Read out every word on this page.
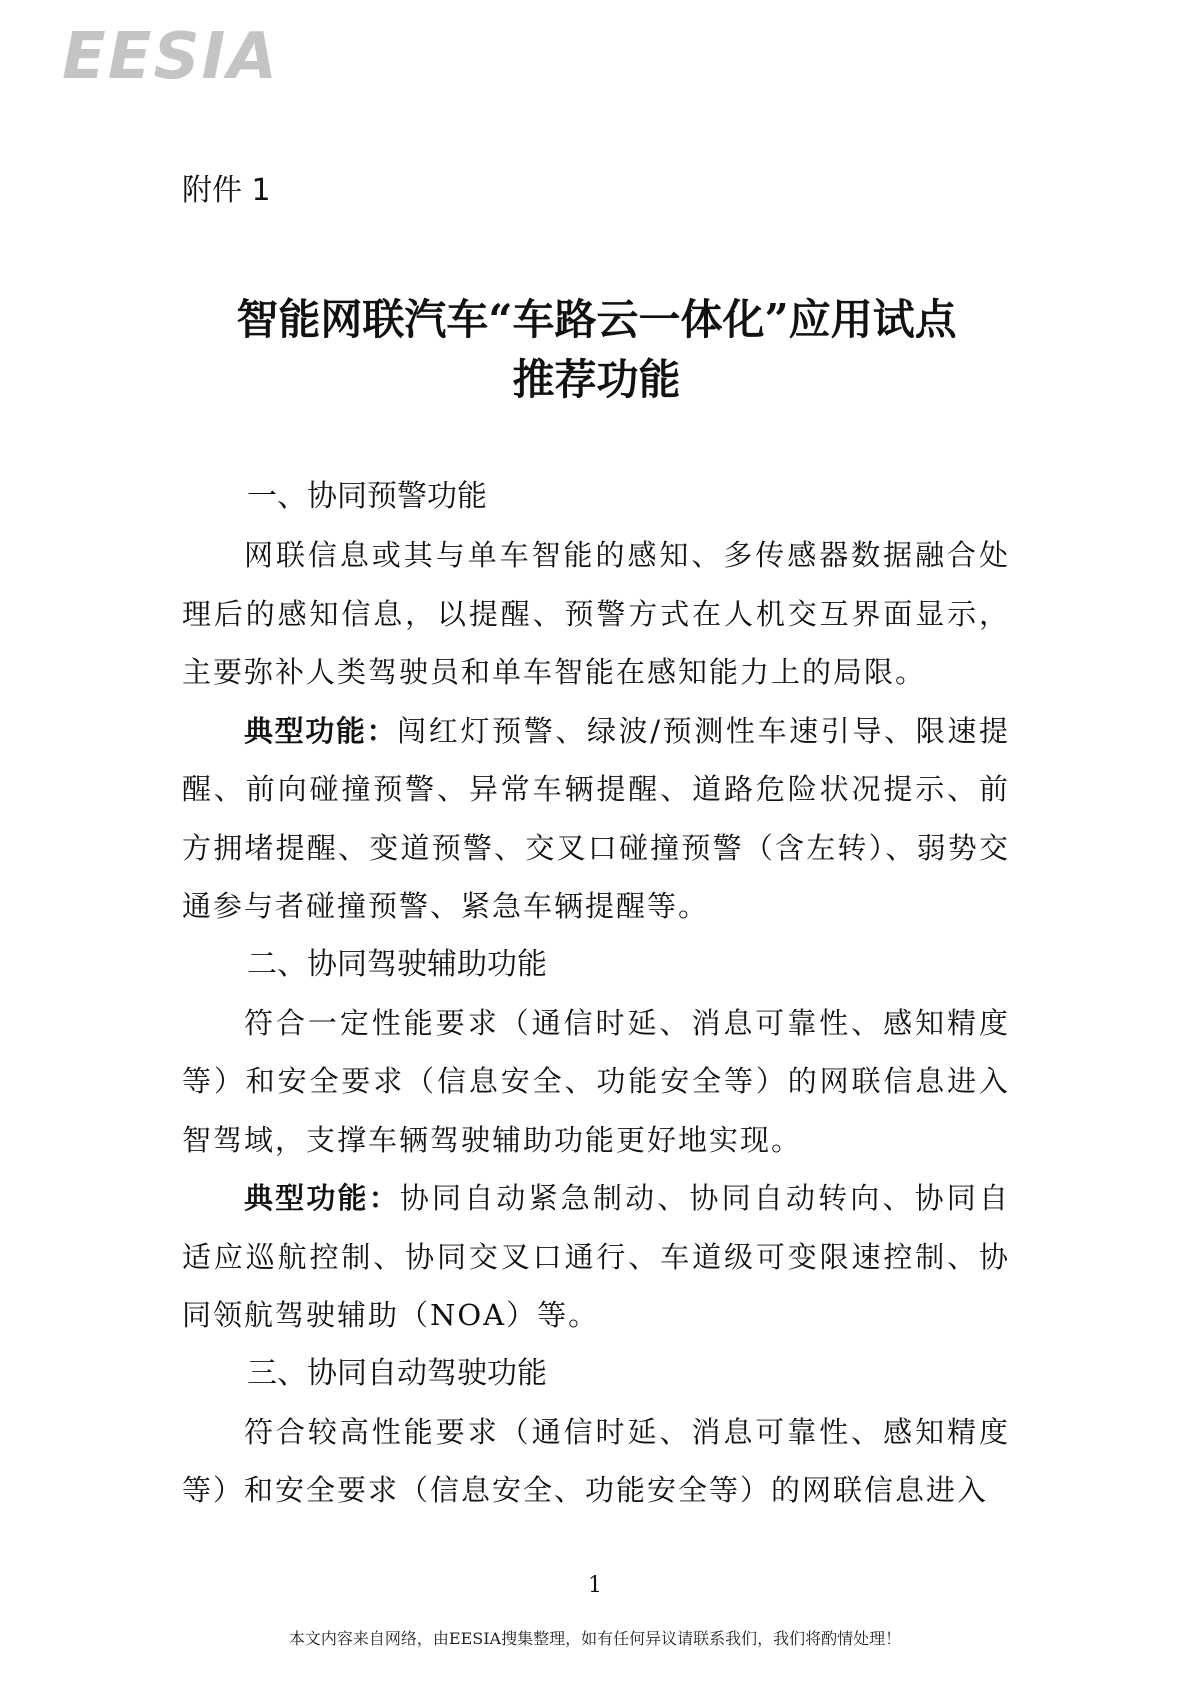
EESIA
附件 1
智能网联汽车“车路云一体化”应用试点
推荐功能
一、协同预警功能

网联信息或其与单车智能的感知、多传感器数据融合处理后的感知信息，以提醒、预警方式在人机交互界面显示，主要弥补人类驾驶员和单车智能在感知能力上的局限。

典型功能：闯红灯预警、绿波/预测性车速引导、限速提醒、前向碰撞预警、异常车辆提醒、道路危险状况提示、前方拥堵提醒、变道预警、交叉口碰撞预警（含左转）、弱势交通参与者碰撞预警、紧急车辆提醒等。

二、协同驾驶辅助功能

符合一定性能要求（通信时延、消息可靠性、感知精度等）和安全要求（信息安全、功能安全等）的网联信息进入智驾域，支撑车辆驾驶辅助功能更好地实现。

典型功能：协同自动紧急制动、协同自动转向、协同自适应巡航控制、协同交叉口通行、车道级可变限速控制、协同领航驾驶辅助（NOA）等。

三、协同自动驾驶功能

符合较高性能要求（通信时延、消息可靠性、感知精度等）和安全要求（信息安全、功能安全等）的网联信息进入

1
本文内容来自网络，由EESIA搜集整理，如有任何异议请联系我们，我们将酌情处理！
